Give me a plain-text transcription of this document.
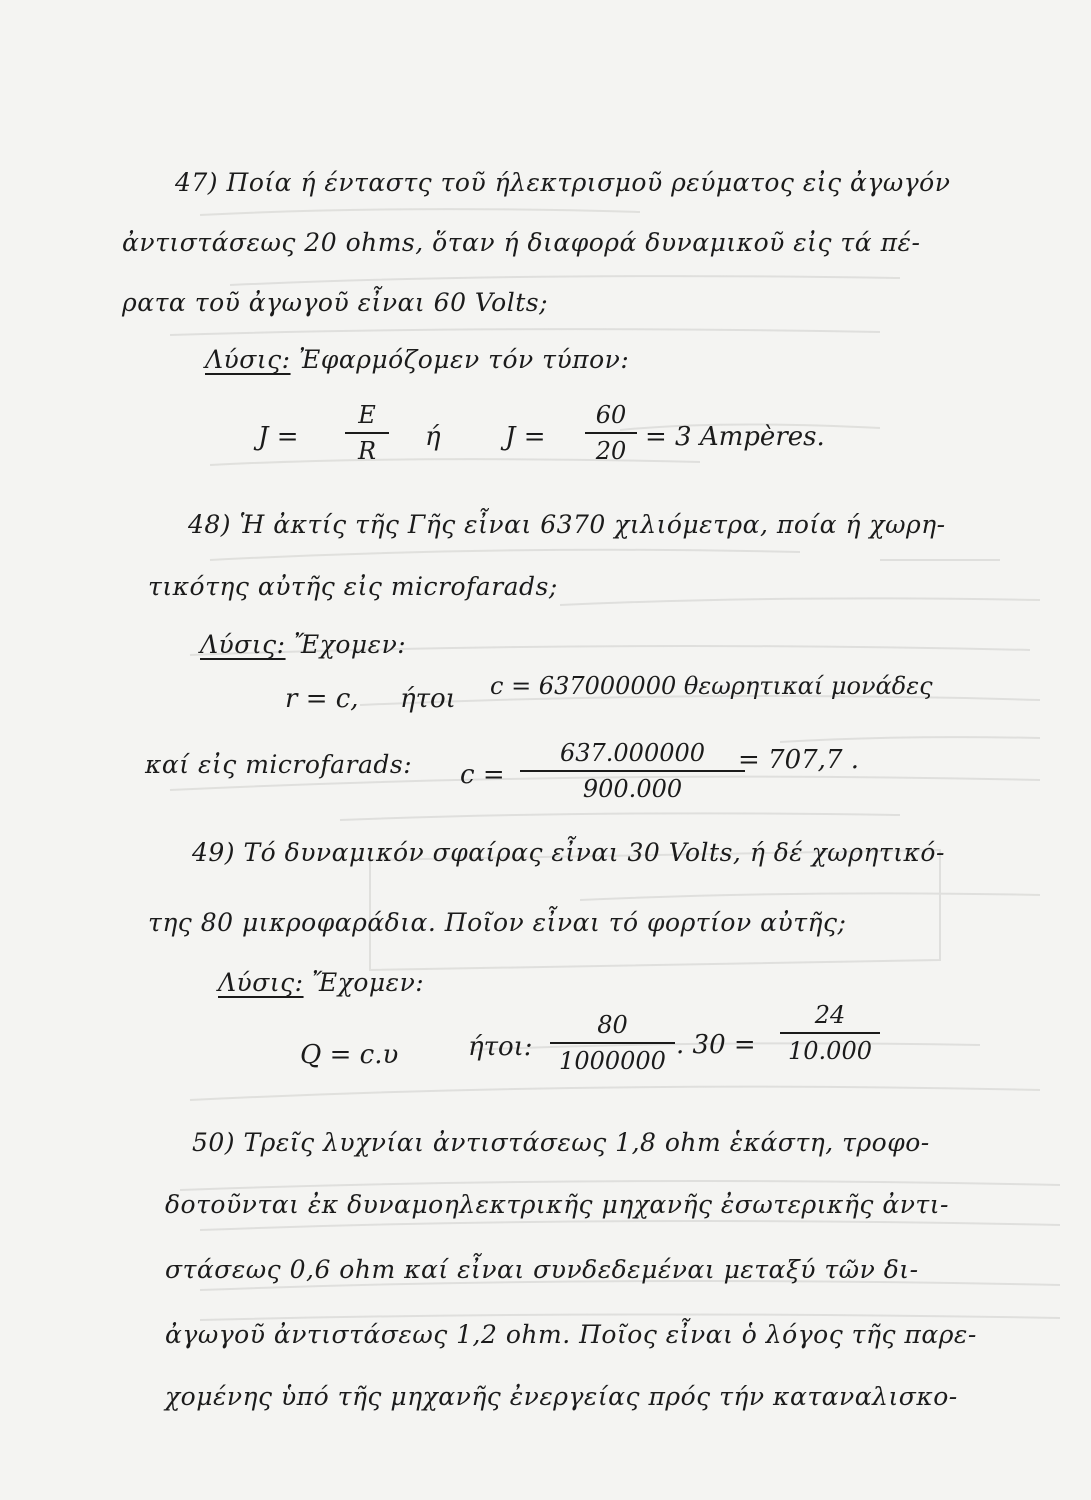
47) Ποία ή ένταστς τοῦ ήλεκτρισμοῦ ρεύματος εἰς ἀγωγόν
ἀντιστάσεως 20 ohms, ὅταν ή διαφορά δυναμικοῦ εἰς τά πέ-
ρατα τοῦ ἀγωγοῦ εἶναι 60 Volts;
Λύσις: Ἐφαρμόζομεν τόν τύπον:
J =
E
R	ή J =
60
20 = 3 Ampères.
48) Ἡ ἀκτίς τῆς Γῆς εἶναι 6370 χιλιόμετρα, ποία ή χωρη-
τικότης αὐτῆς εἰς microfarads;
Λύσις: Ἔχομεν:
r = c, ήτοι c = 637000000 θεωρητικαί μονάδες
καί εἰς microfarads: c =
637.000000
900.000
= 707,7 .
49) Τό δυναμικόν σφαίρας εἶναι 30 Volts, ή δέ χωρητικό-
της 80 μικροφαράδια. Ποῖον εἶναι τό φορτίον αὐτῆς;
Λύσις: Ἔχομεν:
Q = c.υ	ήτοι:
80
1000000
. 30 =
24
10.000
50) Τρεῖς λυχνίαι ἀντιστάσεως 1,8 ohm ἑκάστη, τροφο-
δοτοῦνται ἐκ δυναμοηλεκτρικῆς μηχανῆς ἐσωτερικῆς ἀντι-
στάσεως 0,6 ohm καί εἶναι συνδεδεμέναι μεταξύ τῶν δι-
ἀγωγοῦ ἀντιστάσεως 1,2 ohm. Ποῖος εἶναι ὁ λόγος τῆς παρε-
χομένης ὑπό τῆς μηχανῆς ἐνεργείας πρός τήν καταναλισκο-
